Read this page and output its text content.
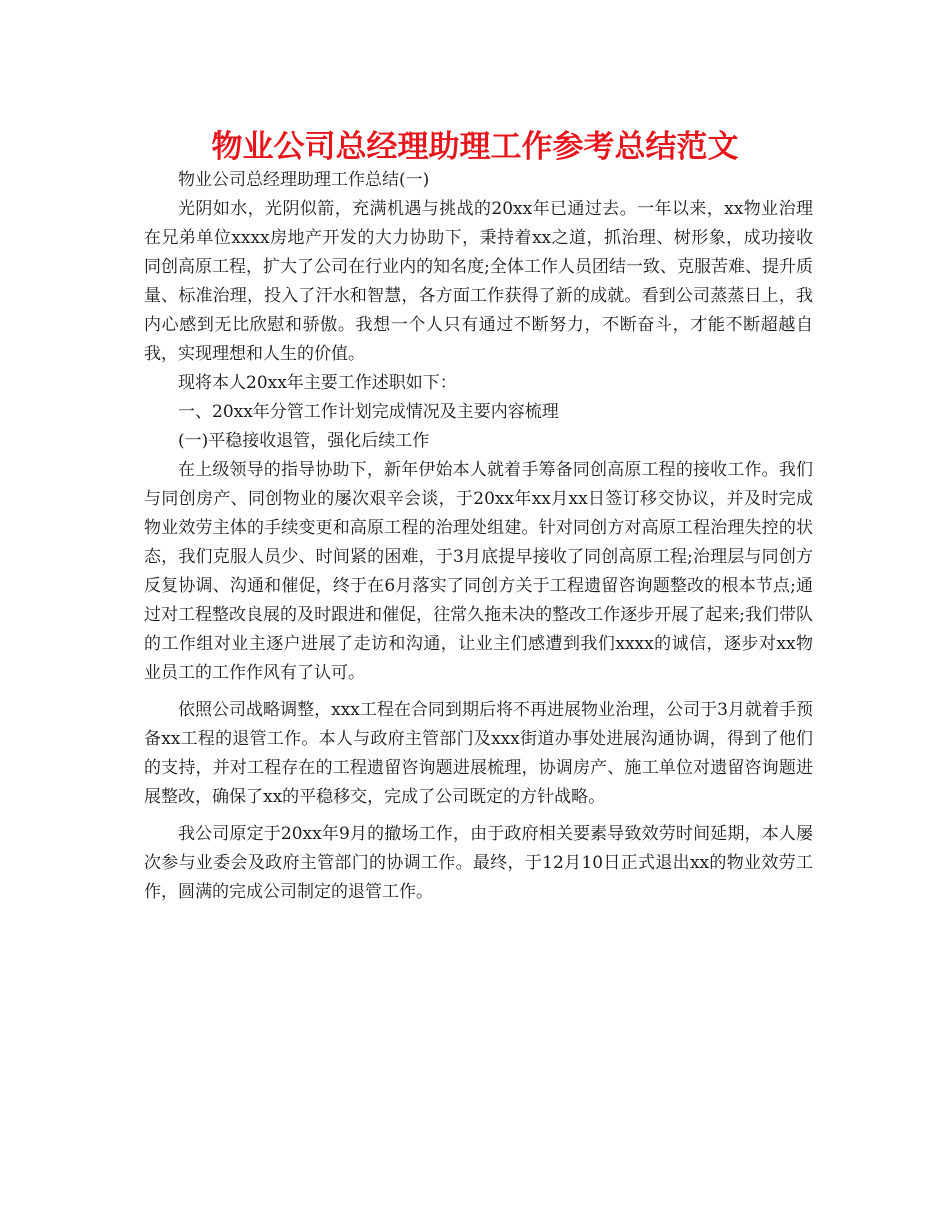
物业公司总经理助理工作参考总结范文

物业公司总经理助理工作总结(一)

光阴如水，光阴似箭，充满机遇与挑战的20xx年已通过去。一年以来，xx物业治理在兄弟单位xxxx房地产开发的大力协助下，秉持着xx之道，抓治理、树形象，成功接收同创高原工程，扩大了公司在行业内的知名度;全体工作人员团结一致、克服苦难、提升质量、标准治理，投入了汗水和智慧，各方面工作获得了新的成就。看到公司蒸蒸日上，我内心感到无比欣慰和骄傲。我想一个人只有通过不断努力，不断奋斗，才能不断超越自我，实现理想和人生的价值。

现将本人20xx年主要工作述职如下：

一、20xx年分管工作计划完成情况及主要内容梳理

(一)平稳接收退管，强化后续工作

在上级领导的指导协助下，新年伊始本人就着手筹备同创高原工程的接收工作。我们与同创房产、同创物业的屡次艰辛会谈，于20xx年xx月xx日签订移交协议，并及时完成物业效劳主体的手续变更和高原工程的治理处组建。针对同创方对高原工程治理失控的状态，我们克服人员少、时间紧的困难，于3月底提早接收了同创高原工程;治理层与同创方反复协调、沟通和催促，终于在6月落实了同创方关于工程遗留咨询题整改的根本节点;通过对工程整改良展的及时跟进和催促，往常久拖未决的整改工作逐步开展了起来;我们带队的工作组对业主逐户进展了走访和沟通，让业主们感遭到我们xxxx的诚信，逐步对xx物业员工的工作作风有了认可。

依照公司战略调整，xxx工程在合同到期后将不再进展物业治理，公司于3月就着手预备xx工程的退管工作。本人与政府主管部门及xxx街道办事处进展沟通协调，得到了他们的支持，并对工程存在的工程遗留咨询题进展梳理，协调房产、施工单位对遗留咨询题进展整改，确保了xx的平稳移交，完成了公司既定的方针战略。

我公司原定于20xx年9月的撤场工作，由于政府相关要素导致效劳时间延期，本人屡次参与业委会及政府主管部门的协调工作。最终，于12月10日正式退出xx的物业效劳工作，圆满的完成公司制定的退管工作。
